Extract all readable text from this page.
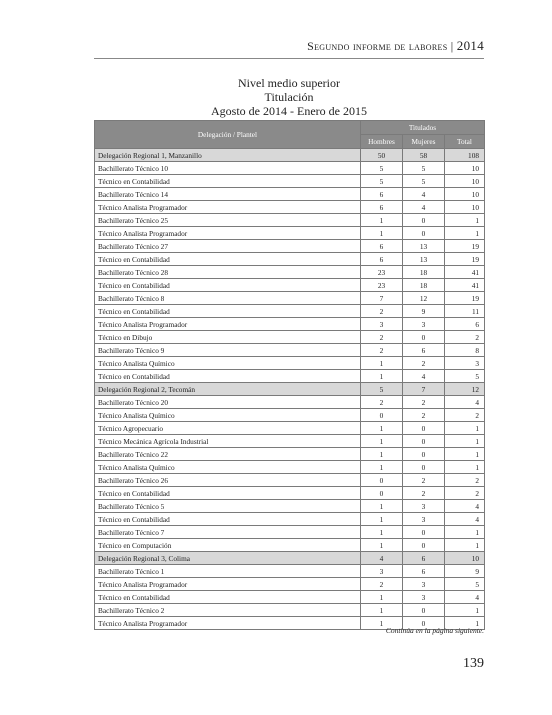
Segundo informe de labores | 2014
Nivel medio superior
Titulación
Agosto de 2014 - Enero de 2015
Delegación / Plantel	Titulados		
	Hombres	Mujeres	Total
Delegación Regional 1, Manzanillo	50	58	108
Bachillerato Técnico 10	5	5	10
Técnico en Contabilidad	5	5	10
Bachillerato Técnico 14	6	4	10
Técnico Analista Programador	6	4	10
Bachillerato Técnico 25	1	0	1
Técnico Analista Programador	1	0	1
Bachillerato Técnico 27	6	13	19
Técnico en Contabilidad	6	13	19
Bachillerato Técnico 28	23	18	41
Técnico en Contabilidad	23	18	41
Bachillerato Técnico 8	7	12	19
Técnico en Contabilidad	2	9	11
Técnico Analista Programador	3	3	6
Técnico en Dibujo	2	0	2
Bachillerato Técnico 9	2	6	8
Técnico Analista Químico	1	2	3
Técnico en Contabilidad	1	4	5
Delegación Regional 2, Tecomán	5	7	12
Bachillerato Técnico 20	2	2	4
Técnico Analista Químico	0	2	2
Técnico Agropecuario	1	0	1
Técnico Mecánica Agrícola Industrial	1	0	1
Bachillerato Técnico 22	1	0	1
Técnico Analista Químico	1	0	1
Bachillerato Técnico 26	0	2	2
Técnico en Contabilidad	0	2	2
Bachillerato Técnico 5	1	3	4
Técnico en Contabilidad	1	3	4
Bachillerato Técnico 7	1	0	1
Técnico en Computación	1	0	1
Delegación Regional 3, Colima	4	6	10
Bachillerato Técnico 1	3	6	9
Técnico Analista Programador	2	3	5
Técnico en Contabilidad	1	3	4
Bachillerato Técnico 2	1	0	1
Técnico Analista Programador	1	0	1
Continúa en la página siguiente.
139
